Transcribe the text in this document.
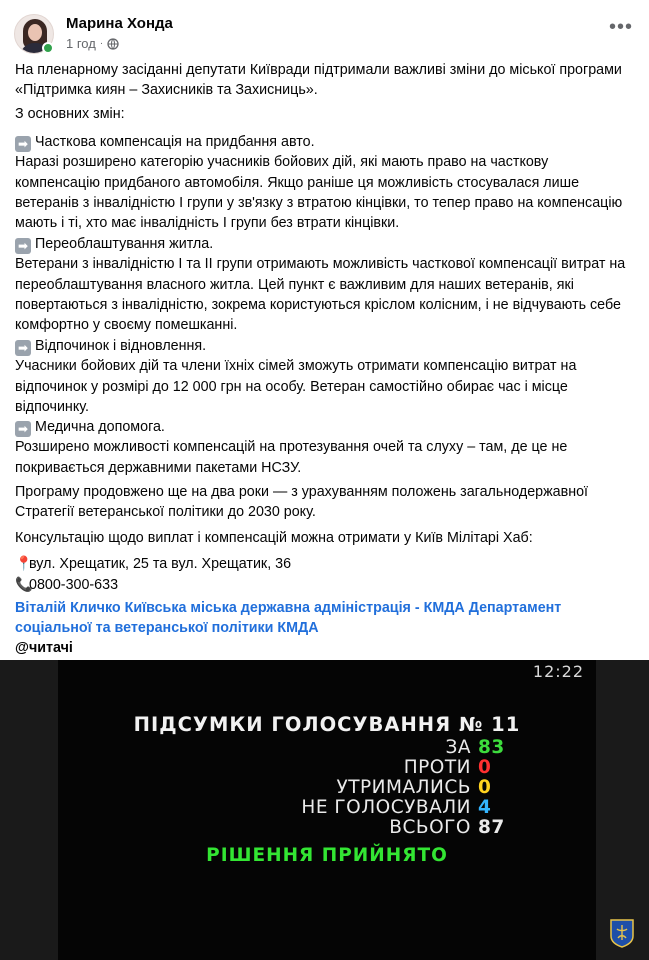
Марина Хонда
1 год ·
•••

На пленарному засіданні депутати Київради підтримали важливі зміни до міської програми «Підтримка киян – Захисників та Захисниць».

З основних змін:

➡ Часткова компенсація на придбання авто.

Наразі розширено категорію учасників бойових дій, які мають право на часткову компенсацію придбаного автомобіля. Якщо раніше ця можливість стосувалася лише ветеранів з інвалідністю І групи у зв'язку з втратою кінцівки, то тепер право на компенсацію мають і ті, хто має інвалідність І групи без втрати кінцівки.

➡ Переоблаштування житла.

Ветерани з інвалідністю І та ІІ групи отримають можливість часткової компенсації витрат на переоблаштування власного житла. Цей пункт є важливим для наших ветеранів, які повертаються з інвалідністю, зокрема користуються кріслом колісним, і не відчувають себе комфортно у своєму помешканні.

➡ Відпочинок і відновлення.

Учасники бойових дій та члени їхніх сімей зможуть отримати компенсацію витрат на відпочинок у розмірі до 12 000 грн на особу. Ветеран самостійно обирає час і місце відпочинку.

➡ Медична допомога.

Розширено можливості компенсацій на протезування очей та слуху – там, де це не покривається державними пакетами НСЗУ.

Програму продовжено ще на два роки — з урахуванням положень загальнодержавної Стратегії ветеранської політики до 2030 року.

Консультацію щодо виплат і компенсацій можна отримати у Київ Мілітарі Хаб:

📍вул. Хрещатик, 25 та вул. Хрещатик, 36

📞0800-300-633

Віталій Кличко Київська міська державна адміністрація - КМДА Департамент соціальної та ветеранської політики КМДА

@читачі

12:22
ПІДСУМКИ ГОЛОСУВАННЯ № 11
ЗА 83
ПРОТИ 0
УТРИМАЛИСЬ 0
НЕ ГОЛОСУВАЛИ 4
ВСЬОГО 87
РІШЕННЯ ПРИЙНЯТО
